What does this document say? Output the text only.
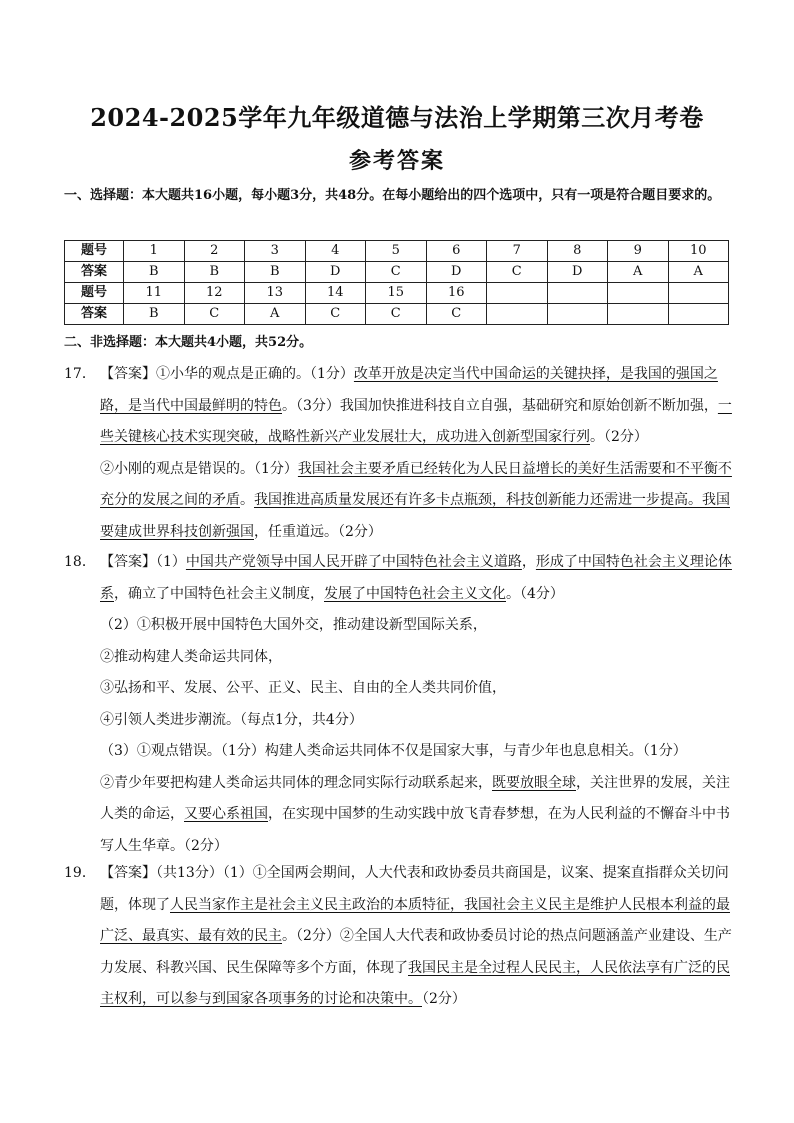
2024-2025学年九年级道德与法治上学期第三次月考卷
参考答案
一、选择题：本大题共16小题，每小题3分，共48分。在每小题给出的四个选项中，只有一项是符合题目要求的。
题号	1	2	3	4	5	6	7	8	9	10
答案	B	B	B	D	C	D	C	D	A	A
题号	11	12	13	14	15	16				
答案	B	C	A	C	C	C				
二、非选择题：本大题共4小题，共52分。
17． 【答案】①小华的观点是正确的。（1分）改革开放是决定当代中国命运的关键抉择，是我国的强国之路，是当代中国最鲜明的特色。（3分）我国加快推进科技自立自强，基础研究和原始创新不断加强，一些关键核心技术实现突破，战略性新兴产业发展壮大，成功进入创新型国家行列。（2分）

②小刚的观点是错误的。（1分）我国社会主要矛盾已经转化为人民日益增长的美好生活需要和不平衡不充分的发展之间的矛盾。我国推进高质量发展还有许多卡点瓶颈，科技创新能力还需进一步提高。我国要建成世界科技创新强国，任重道远。（2分）

18． 【答案】（1）中国共产党领导中国人民开辟了中国特色社会主义道路，形成了中国特色社会主义理论体系，确立了中国特色社会主义制度，发展了中国特色社会主义文化。（4分）

（2）①积极开展中国特色大国外交，推动建设新型国际关系，

②推动构建人类命运共同体，

③弘扬和平、发展、公平、正义、民主、自由的全人类共同价值，

④引领人类进步潮流。（每点1分，共4分）

（3）①观点错误。（1分）构建人类命运共同体不仅是国家大事，与青少年也息息相关。（1分）

②青少年要把构建人类命运共同体的理念同实际行动联系起来，既要放眼全球，关注世界的发展，关注人类的命运，又要心系祖国，在实现中国梦的生动实践中放飞青春梦想，在为人民利益的不懈奋斗中书写人生华章。（2分）

19． 【答案】（共13分）（1）①全国两会期间，人大代表和政协委员共商国是，议案、提案直指群众关切问题，体现了人民当家作主是社会主义民主政治的本质特征，我国社会主义民主是维护人民根本利益的最广泛、最真实、最有效的民主。（2分）②全国人大代表和政协委员讨论的热点问题涵盖产业建设、生产力发展、科教兴国、民生保障等多个方面，体现了我国民主是全过程人民民主，人民依法享有广泛的民主权利，可以参与到国家各项事务的讨论和决策中。（2分）
